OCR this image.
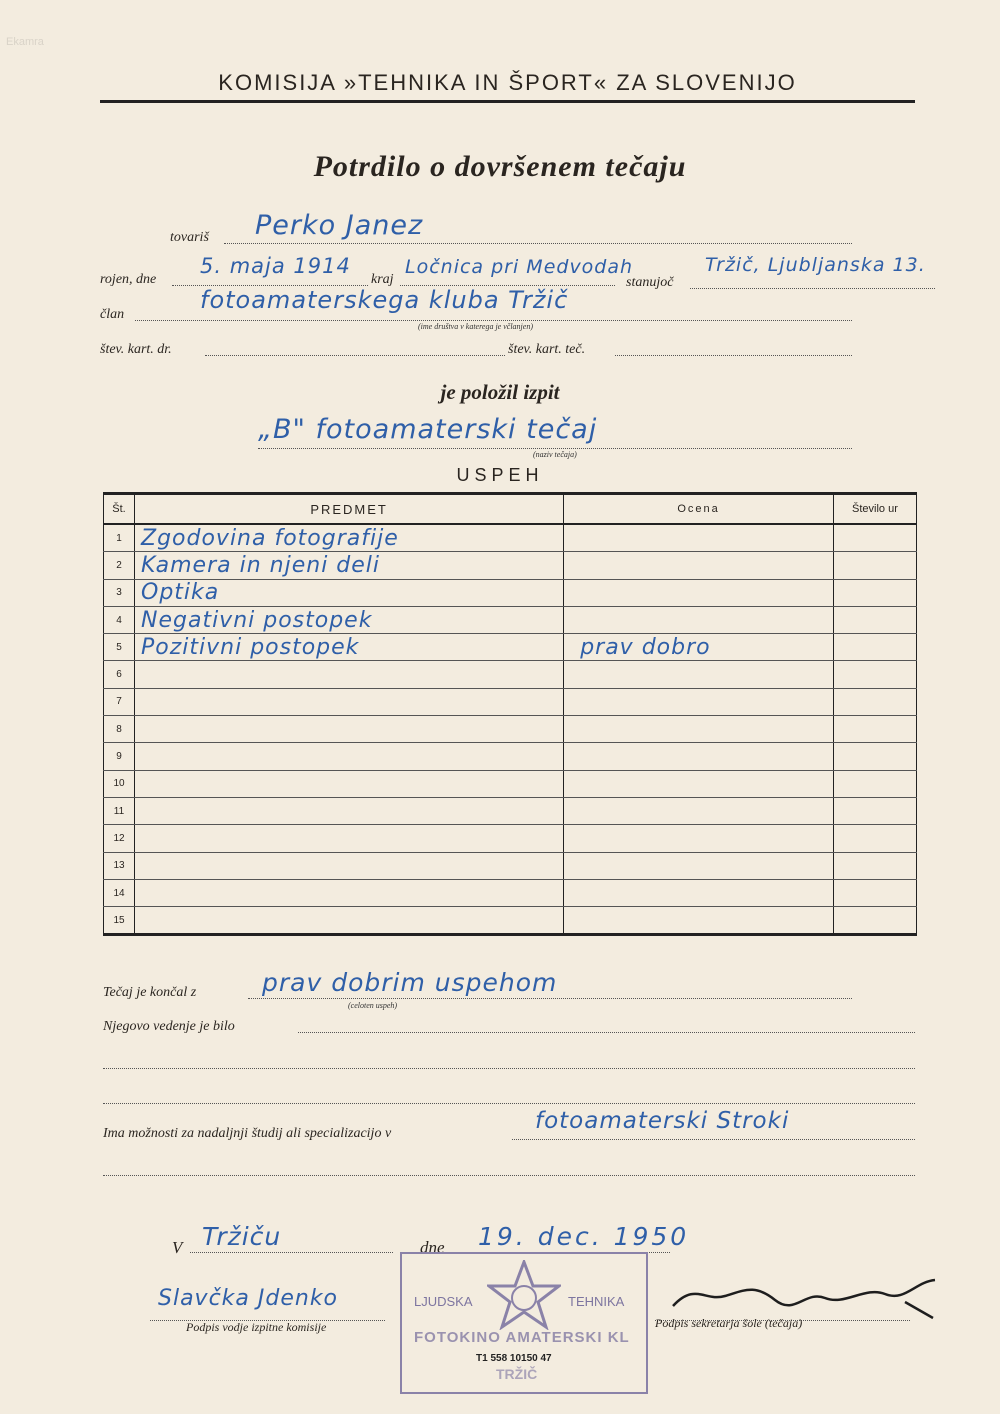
Ekamra
KOMISIJA »TEHNIKA IN ŠPORT« ZA SLOVENIJO
Potrdilo o dovršenem tečaju
tovariš Perko Janez
rojen, dne
5. maja 1914
kraj
Ločnica pri Medvodah
stanujoč
Tržič, Ljubljanska 13.
član
fotoamaterskega kluba Tržič
(ime društva v katerega je včlanjen)
štev. kart. dr.	štev. kart. teč.
je položil izpit
„B" fotoamaterski tečaj
(naziv tečaja)
USPEH
Št.	PREDMET	Ocena	Število ur
1	Zgodovina fotografije		
2	Kamera in njeni deli		
3	Optika		
4	Negativni postopek		
5	Pozitivni postopek	prav dobro	
6			
7			
8			
9			
10			
11			
12			
13			
14			
15			
Tečaj je končal z	prav dobrim uspehom
(celoten uspeh)
Njegovo vedenje je bilo
Ima možnosti za nadaljnji študij ali specializacijo v	fotoamaterski Stroki
V Tržiču	dne 19. dec. 1950
LJUDSKA	TEHNIKA
FOTOKINO AMATERSKI KL
TRŽIČ
T1 558 10150 47
Slavčka Jdenko
Podpis vodje izpitne komisije	Podpis sekretarja šole (tečaja)
